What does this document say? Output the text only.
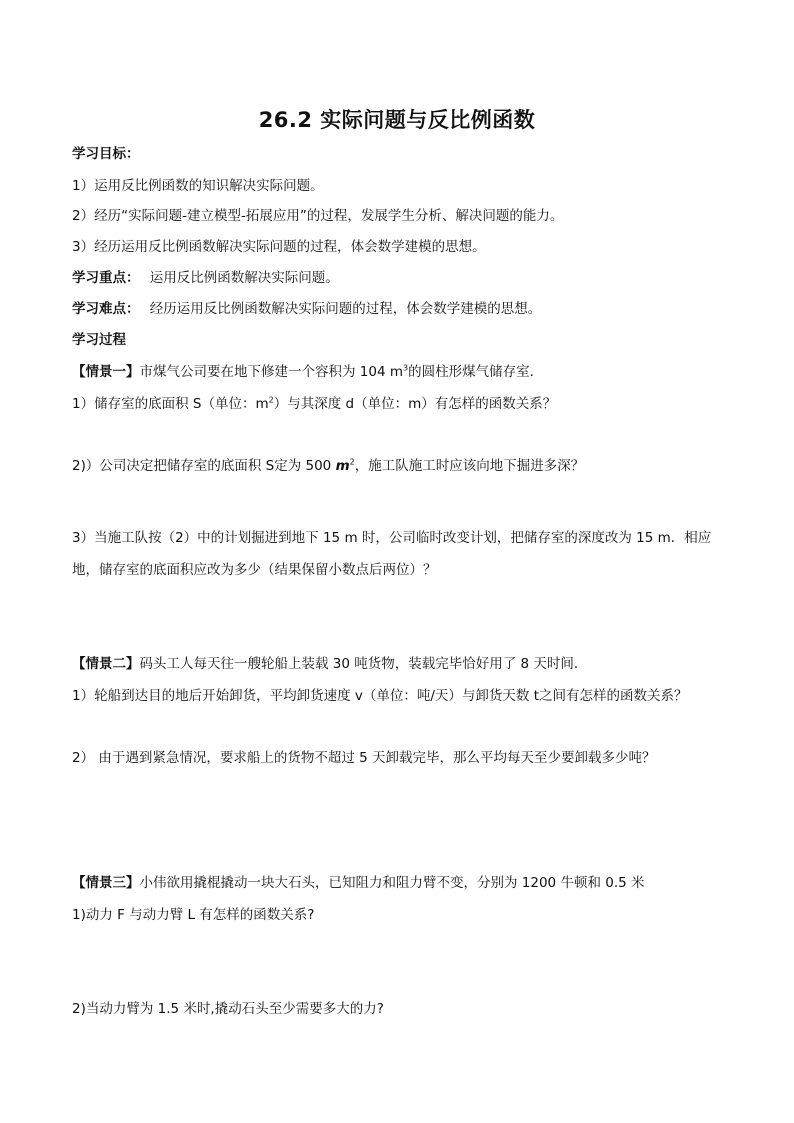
26.2 实际问题与反比例函数
学习目标：
1）运用反比例函数的知识解决实际问题。
2）经历“实际问题-建立模型-拓展应用”的过程，发展学生分析、解决问题的能力。
3）经历运用反比例函数解决实际问题的过程，体会数学建模的思想。
学习重点： 运用反比例函数解决实际问题。
学习难点： 经历运用反比例函数解决实际问题的过程，体会数学建模的思想。
学习过程
【情景一】市煤气公司要在地下修建一个容积为 104 $m^3$的圆柱形煤气储存室．
1）储存室的底面积 S（单位：$m^2$）与其深度 d（单位：m）有怎样的函数关系？
2)）公司决定把储存室的底面积 S定为 500 $m^2$，施工队施工时应该向地下掘进多深？
3）当施工队按（2）中的计划掘进到地下 15 m 时，公司临时改变计划，把储存室的深度改为 15 m．相应
地，储存室的底面积应改为多少（结果保留小数点后两位）？
【情景二】码头工人每天往一艘轮船上装载 30 吨货物，装载完毕恰好用了 8 天时间．
1）轮船到达目的地后开始卸货，平均卸货速度 v（单位：吨/天）与卸货天数 t之间有怎样的函数关系？
2） 由于遇到紧急情况，要求船上的货物不超过 5 天卸载完毕，那么平均每天至少要卸载多少吨？
【情景三】小伟欲用撬棍撬动一块大石头，已知阻力和阻力臂不变，分别为 1200 牛顿和 0.5 米
1)动力 F 与动力臂 L 有怎样的函数关系?
2)当动力臂为 1.5 米时,撬动石头至少需要多大的力?
